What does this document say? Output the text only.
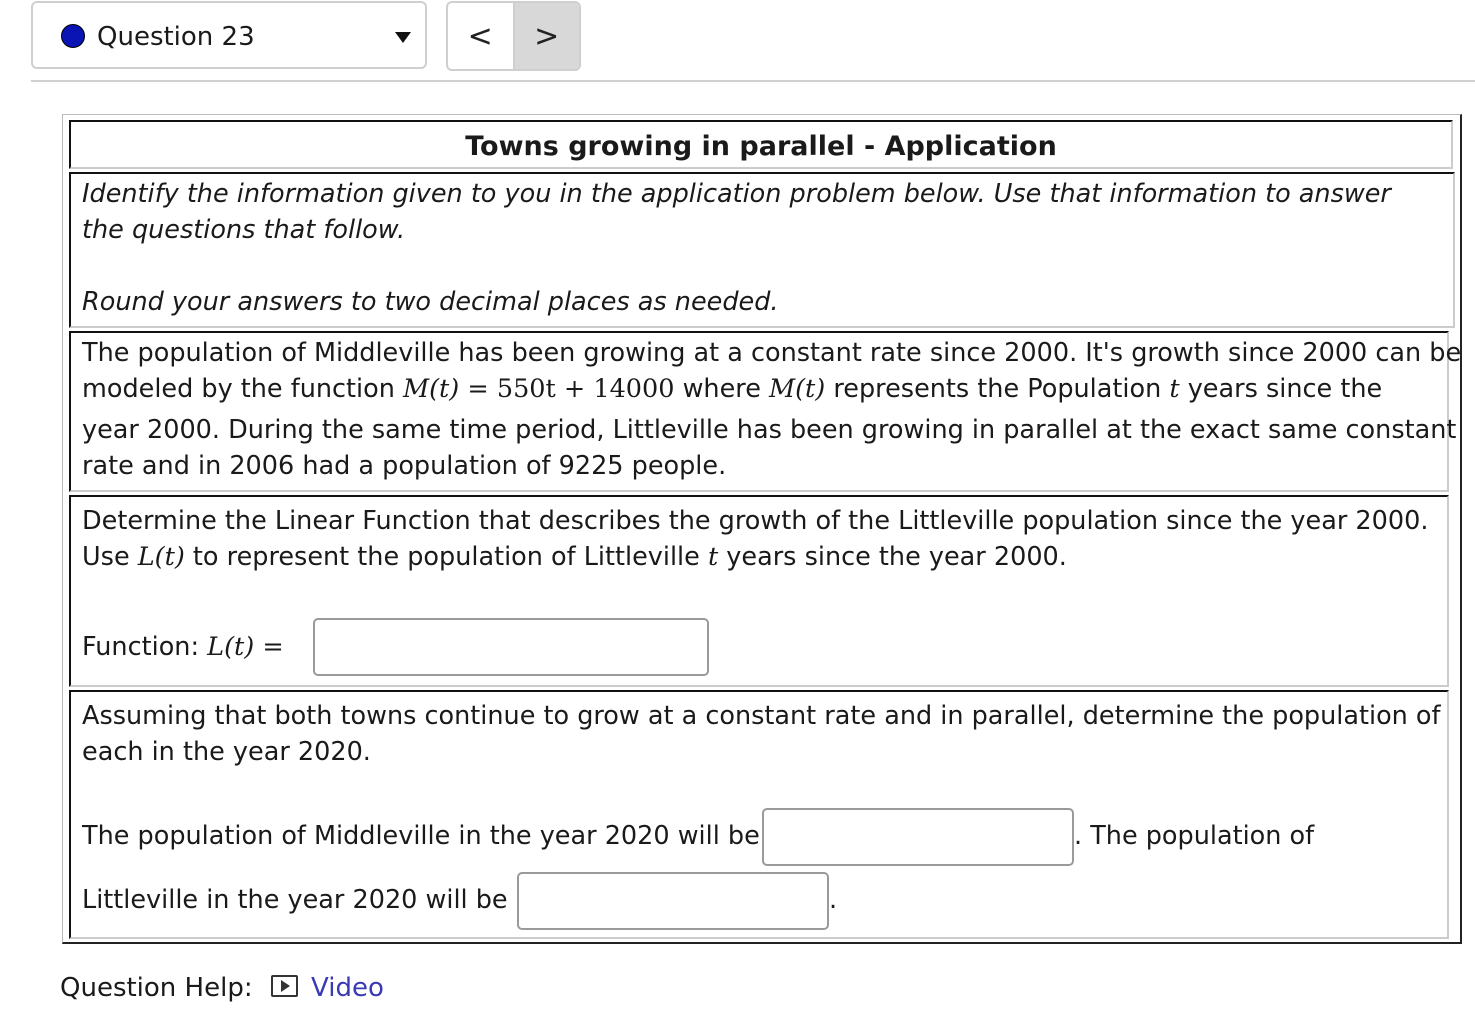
Question 23	<	>
Towns growing in parallel - Application
Identify the information given to you in the application problem below. Use that information to answer
the questions that follow.
Round your answers to two decimal places as needed.
The population of Middleville has been growing at a constant rate since 2000. It's growth since 2000 can be
modeled by the function M(t) = 550t + 14000 where M(t) represents the Population t years since the
year 2000. During the same time period, Littleville has been growing in parallel at the exact same constant
rate and in 2006 had a population of 9225 people.
Determine the Linear Function that describes the growth of the Littleville population since the year 2000.
Use L(t) to represent the population of Littleville t years since the year 2000.
Function: L(t) =
Assuming that both towns continue to grow at a constant rate and in parallel, determine the population of
each in the year 2020.
The population of Middleville in the year 2020 will be	. The population of
Littleville in the year 2020 will be	.
Question Help: Video
